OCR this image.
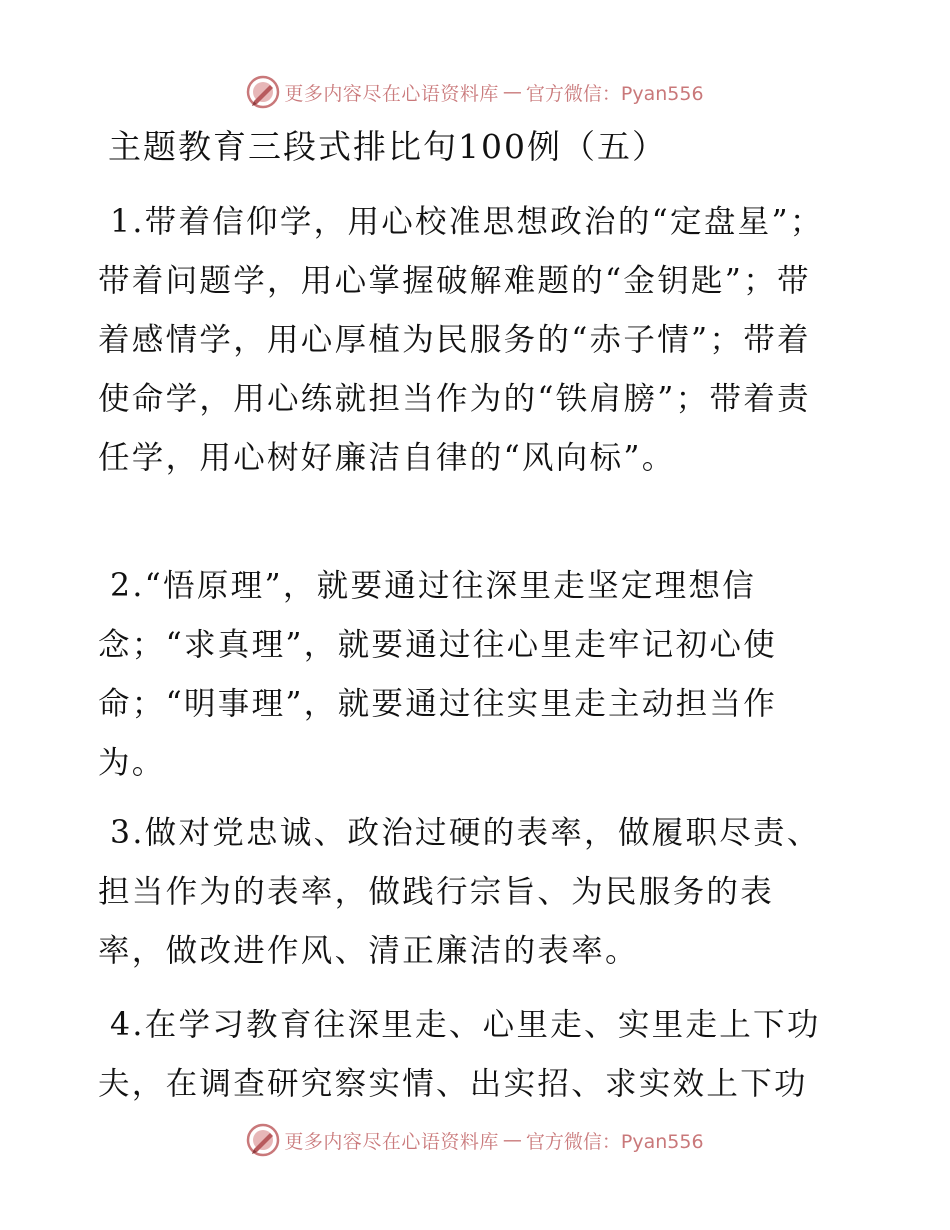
更多内容尽在心语资料库 — 官方微信：Pyan556
主题教育三段式排比句100例（五）

1.带着信仰学，用心校准思想政治的“定盘​星”；带着问题学，用心掌握破解难题的“金钥匙”；带着感情学，用心厚植为民服务的“赤子情”；带着使命学，用心练就担当作为的“铁肩膀”；带着责任学，用心树好廉洁自律的“风向标”。

2.“悟原理”，就要通过往深里走坚定理想信​念；“求真理”，就要通过往心里走牢记初心使命；“明事理”，就要通过往实里走主动担当作为。

3.做对党忠诚、政治过硬的表率，做履职尽责、担当作为的表率，做践行宗旨、为民服务的表率，做改进作风、清正廉洁的表率。

4.在学习教育往深里走、心里走、实里走上下功夫，在调查研究察实情、出实招、求实效上下功

更多内容尽在心语资料库 — 官方微信：Pyan556
